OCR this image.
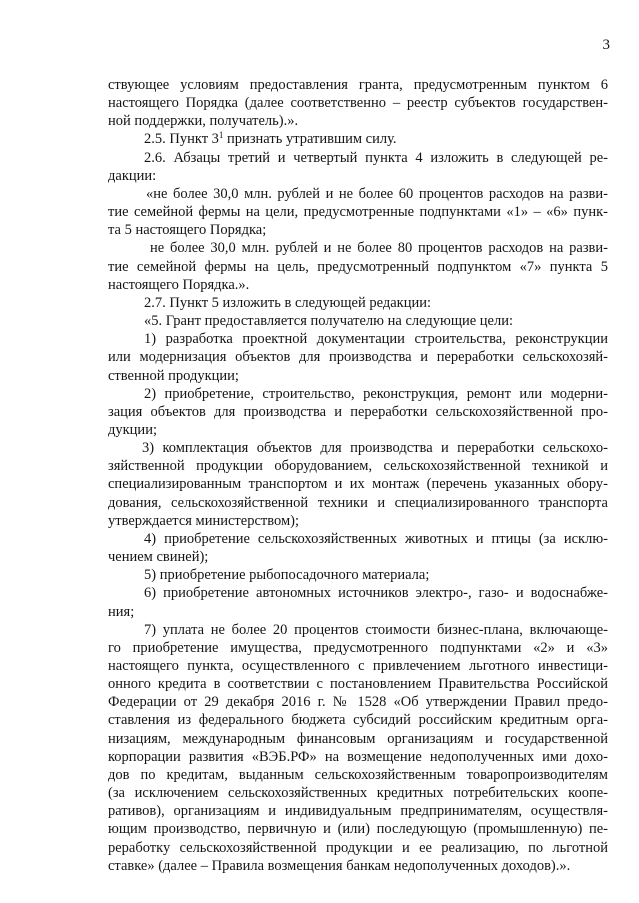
3
ствующее условиям предоставления гранта, предусмотренным пунктом 6
настоящего Порядка (далее соответственно – реестр субъектов государствен-
ной поддержки, получатель).».
2.5. Пункт $3^1$ признать утратившим силу.
2.6. Абзацы третий и четвертый пункта 4 изложить в следующей ре-
дакции:
«не более 30,0 млн. рублей и не более 60 процентов расходов на разви-
тие семейной фермы на цели, предусмотренные подпунктами «1» – «6» пунк-
та 5 настоящего Порядка;
не более 30,0 млн. рублей и не более 80 процентов расходов на разви-
тие семейной фермы на цель, предусмотренный подпунктом «7» пункта 5
настоящего Порядка.».
2.7. Пункт 5 изложить в следующей редакции:
«5. Грант предоставляется получателю на следующие цели:
1) разработка проектной документации строительства, реконструкции
или модернизация объектов для производства и переработки сельскохозяй-
ственной продукции;
2) приобретение, строительство, реконструкция, ремонт или модерни-
зация объектов для производства и переработки сельскохозяйственной про-
дукции;
3) комплектация объектов для производства и переработки сельскохо-
зяйственной продукции оборудованием, сельскохозяйственной техникой и
специализированным транспортом и их монтаж (перечень указанных обору-
дования, сельскохозяйственной техники и специализированного транспорта
утверждается министерством);
4) приобретение сельскохозяйственных животных и птицы (за исклю-
чением свиней);
5) приобретение рыбопосадочного материала;
6) приобретение автономных источников электро-, газо- и водоснабже-
ния;
7) уплата не более 20 процентов стоимости бизнес-плана, включающе-
го приобретение имущества, предусмотренного подпунктами «2» и «3»
настоящего пункта, осуществленного с привлечением льготного инвестици-
онного кредита в соответствии с постановлением Правительства Российской
Федерации от 29 декабря 2016 г. № 1528 «Об утверждении Правил предо-
ставления из федерального бюджета субсидий российским кредитным орга-
низациям, международным финансовым организациям и государственной
корпорации развития «ВЭБ.РФ» на возмещение недополученных ими дохо-
дов по кредитам, выданным сельскохозяйственным товаропроизводителям
(за исключением сельскохозяйственных кредитных потребительских коопе-
ративов), организациям и индивидуальным предпринимателям, осуществля-
ющим производство, первичную и (или) последующую (промышленную) пе-
реработку сельскохозяйственной продукции и ее реализацию, по льготной
ставке» (далее – Правила возмещения банкам недополученных доходов).».
